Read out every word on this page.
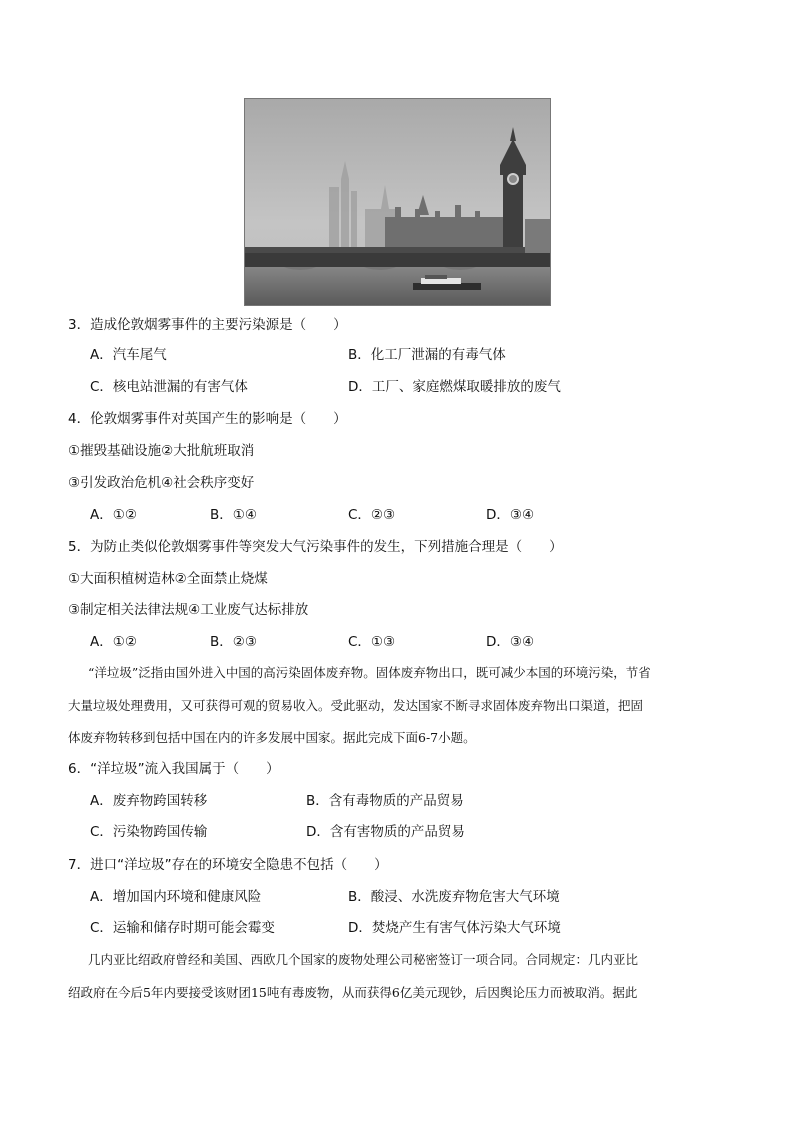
3．造成伦敦烟雾事件的主要污染源是（　　）
A．汽车尾气	B．化工厂泄漏的有毒气体
C．核电站泄漏的有害气体	D．工厂、家庭燃煤取暖排放的废气
4．伦敦烟雾事件对英国产生的影响是（　　）
①摧毁基础设施②大批航班取消
③引发政治危机④社会秩序变好
A．①②	B．①④	C．②③	D．③④
5．为防止类似伦敦烟雾事件等突发大气污染事件的发生，下列措施合理是（　　）
①大面积植树造林②全面禁止烧煤
③制定相关法律法规④工业废气达标排放
A．①②	B．②③	C．①③	D．③④
“洋垃圾”泛指由国外进入中国的高污染固体废弃物。固体废弃物出口，既可减少本国的环境污染，节省
大量垃圾处理费用，又可获得可观的贸易收入。受此驱动，发达国家不断寻求固体废弃物出口渠道，把固
体废弃物转移到包括中国在内的许多发展中国家。据此完成下面6-7小题。
6．“洋垃圾”流入我国属于（　　）
A．废弃物跨国转移	B．含有毒物质的产品贸易
C．污染物跨国传输	D．含有害物质的产品贸易
7．进口“洋垃圾”存在的环境安全隐患不包括（　　）
A．增加国内环境和健康风险	B．酸浸、水洗废弃物危害大气环境
C．运输和储存时期可能会霉变	D．焚烧产生有害气体污染大气环境
几内亚比绍政府曾经和美国、西欧几个国家的废物处理公司秘密签订一项合同。合同规定：几内亚比
绍政府在今后5年内要接受该财团15吨有毒废物，从而获得6亿美元现钞，后因舆论压力而被取消。据此
